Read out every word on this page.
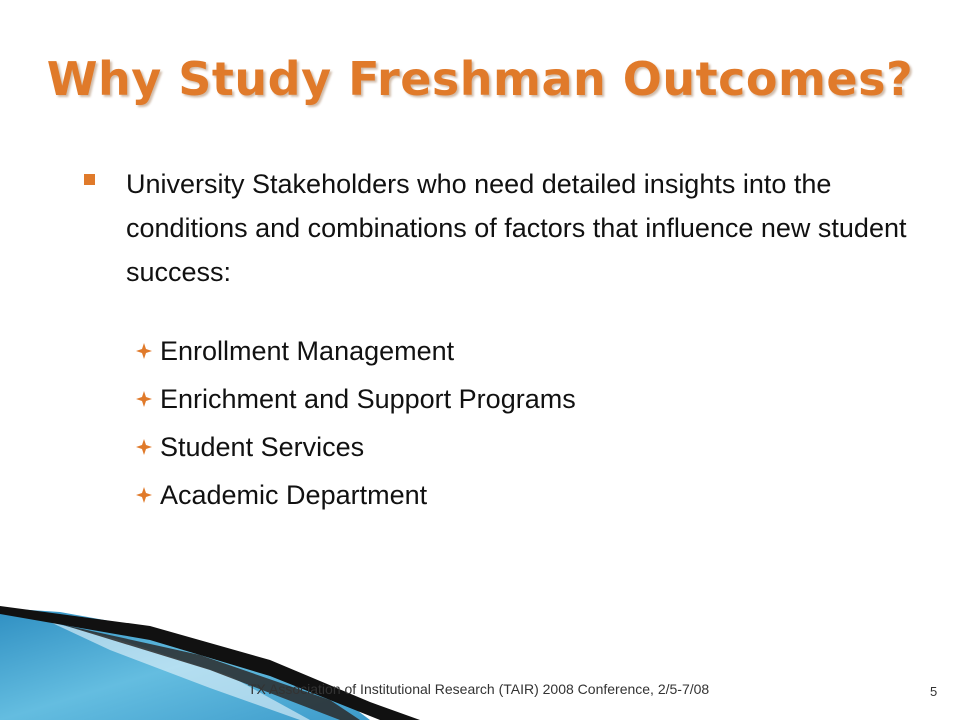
Why Study Freshman Outcomes?
University Stakeholders who need detailed insights into the conditions and combinations of factors that influence new student success:
Enrollment Management
Enrichment and Support Programs
Student Services
Academic Department
TX Association of Institutional Research (TAIR) 2008 Conference, 2/5-7/08	5
